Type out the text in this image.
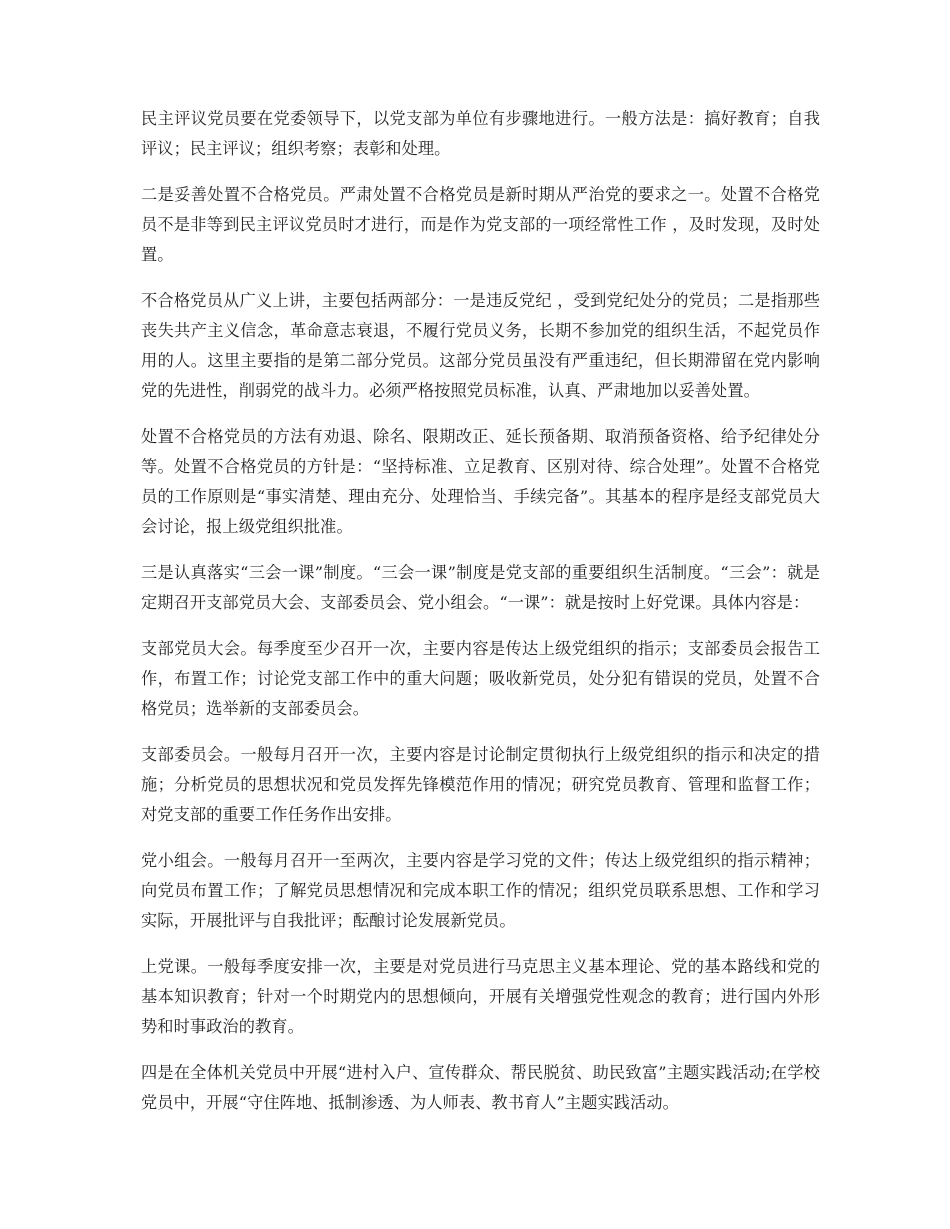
民主评议党员要在党委领导下，以党支部为单位有步骤地进行。一般方法是：搞好教育；自我评议；民主评议；组织考察；表彰和处理。

二是妥善处置不合格党员。严肃处置不合格党员是新时期从严治党的要求之一。处置不合格党员不是非等到民主评议党员时才进行，而是作为党支部的一项经常性工作 ，及时发现，及时处置。

不合格党员从广义上讲，主要包括两部分：一是违反党纪 ，受到党纪处分的党员；二是指那些丧失共产主义信念，革命意志衰退，不履行党员义务，长期不参加党的组织生活，不起党员作用的人。这里主要指的是第二部分党员。这部分党员虽没有严重违纪，但长期滞留在党内影响党的先进性，削弱党的战斗力。必须严格按照党员标准，认真、严肃地加以妥善处置。

处置不合格党员的方法有劝退、除名、限期改正、延长预备期、取消预备资格、给予纪律处分等。处置不合格党员的方针是：“坚持标准、立足教育、区别对待、综合处理”。处置不合格党员的工作原则是“事实清楚、理由充分、处理恰当、手续完备”。其基本的程序是经支部党员大会讨论，报上级党组织批准。

三是认真落实“三会一课”制度。“三会一课”制度是党支部的重要组织生活制度。“三会”：就是定期召开支部党员大会、支部委员会、党小组会。“一课”：就是按时上好党课。具体内容是：

支部党员大会。每季度至少召开一次，主要内容是传达上级党组织的指示；支部委员会报告工作，布置工作；讨论党支部工作中的重大问题；吸收新党员，处分犯有错误的党员，处置不合格党员；选举新的支部委员会。

支部委员会。一般每月召开一次，主要内容是讨论制定贯彻执行上级党组织的指示和决定的措施；分析党员的思想状况和党员发挥先锋模范作用的情况；研究党员教育、管理和监督工作；对党支部的重要工作任务作出安排。

党小组会。一般每月召开一至两次，主要内容是学习党的文件；传达上级党组织的指示精神；向党员布置工作；了解党员思想情况和完成本职工作的情况；组织党员联系思想、工作和学习实际，开展批评与自我批评；酝酿讨论发展新党员。

上党课。一般每季度安排一次，主要是对党员进行马克思主义基本理论、党的基本路线和党的基本知识教育；针对一个时期党内的思想倾向，开展有关增强党性观念的教育；进行国内外形势和时事政治的教育。

四是在全体机关党员中开展“进村入户、宣传群众、帮民脱贫、助民致富”主题实践活动;在学校党员中，开展“守住阵地、抵制渗透、为人师表、教书育人”主题实践活动。
